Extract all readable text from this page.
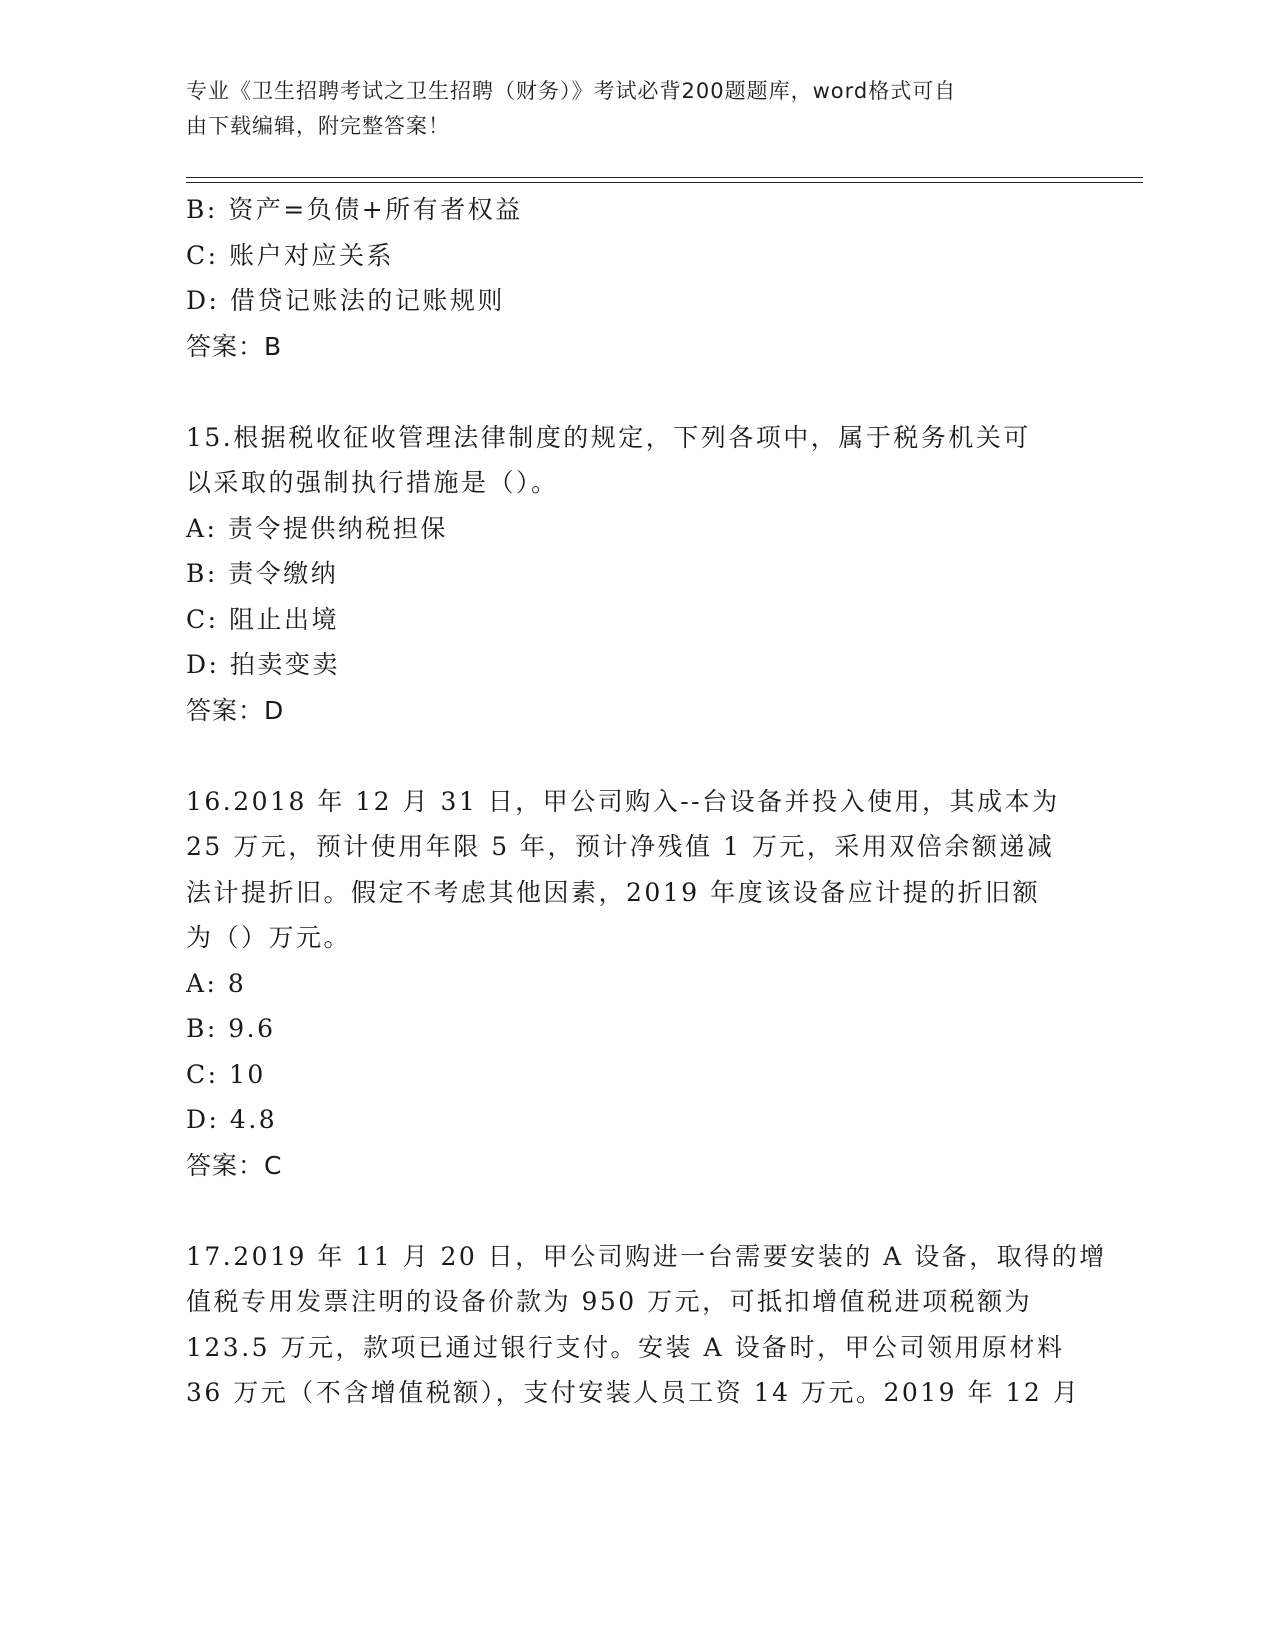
专业《卫生招聘考试之卫生招聘（财务）》考试必背200题题库，word格式可自
由下载编辑，附完整答案！
B: 资产=负债+所有者权益
C: 账户对应关系
D: 借贷记账法的记账规则
答案：B
15.根据税收征收管理法律制度的规定，下列各项中，属于税务机关可
以采取的强制执行措施是（）。
A: 责令提供纳税担保
B: 责令缴纳
C: 阻止出境
D: 拍卖变卖
答案：D
16.2018 年 12 月 31 日，甲公司购入--台设备并投入使用，其成本为
25 万元，预计使用年限 5 年，预计净残值 1 万元，采用双倍余额递减
法计提折旧。假定不考虑其他因素，2019 年度该设备应计提的折旧额
为（）万元。
A: 8
B: 9.6
C: 10
D: 4.8
答案：C
17.2019 年 11 月 20 日，甲公司购进一台需要安装的 A 设备，取得的增
值税专用发票注明的设备价款为 950 万元，可抵扣增值税进项税额为
123.5 万元，款项已通过银行支付。安装 A 设备时，甲公司领用原材料
36 万元（不含增值税额），支付安装人员工资 14 万元。2019 年 12 月
